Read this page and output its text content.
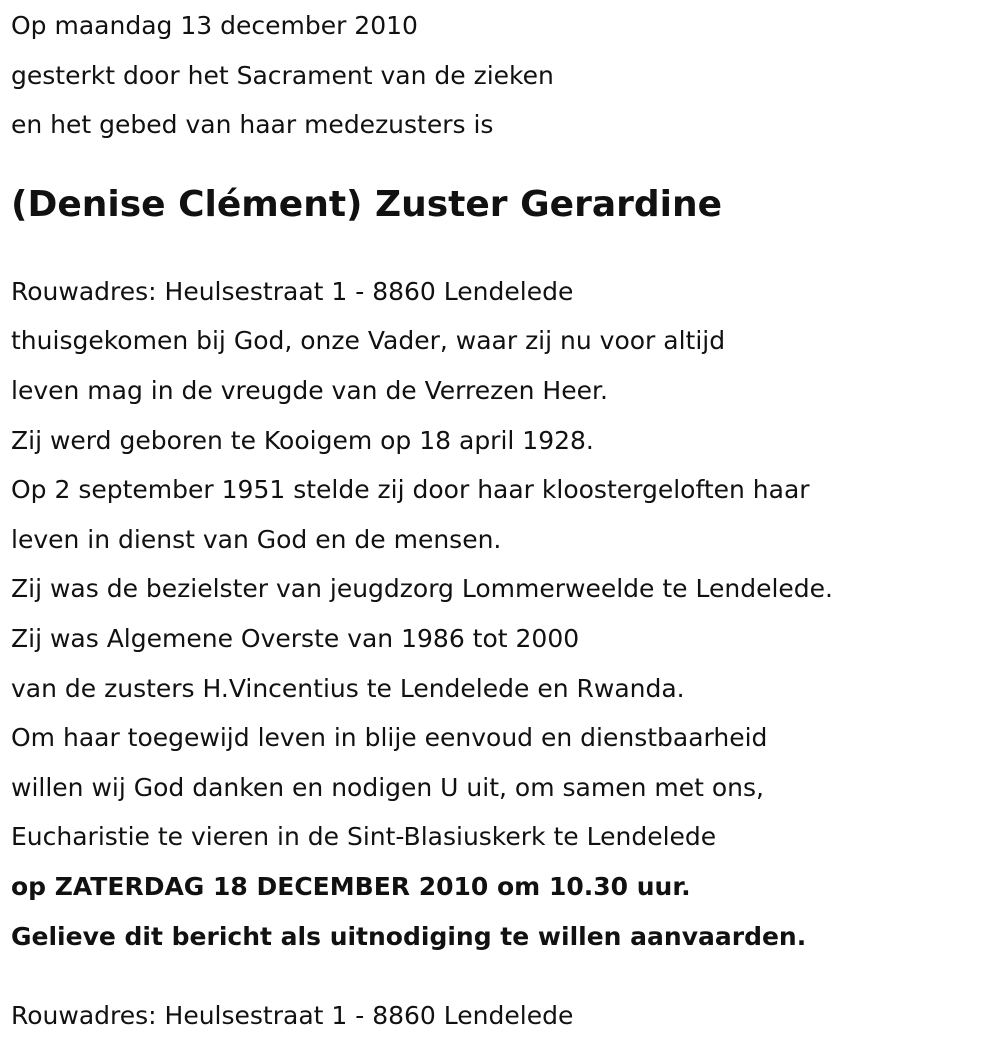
Op maandag 13 december 2010
gesterkt door het Sacrament van de zieken
en het gebed van haar medezusters is
(Denise Clément) Zuster Gerardine
Rouwadres: Heulsestraat 1 - 8860 Lendelede
thuisgekomen bij God, onze Vader, waar zij nu voor altijd
leven mag in de vreugde van de Verrezen Heer.
Zij werd geboren te Kooigem op 18 april 1928.
Op 2 september 1951 stelde zij door haar kloostergeloften haar
leven in dienst van God en de mensen.
Zij was de bezielster van jeugdzorg Lommerweelde te Lendelede.
Zij was Algemene Overste van 1986 tot 2000
van de zusters H.Vincentius te Lendelede en Rwanda.
Om haar toegewijd leven in blije eenvoud en dienstbaarheid
willen wij God danken en nodigen U uit, om samen met ons,
Eucharistie te vieren in de Sint-Blasiuskerk te Lendelede
op ZATERDAG 18 DECEMBER 2010 om 10.30 uur.
Gelieve dit bericht als uitnodiging te willen aanvaarden.
Rouwadres: Heulsestraat 1 - 8860 Lendelede
